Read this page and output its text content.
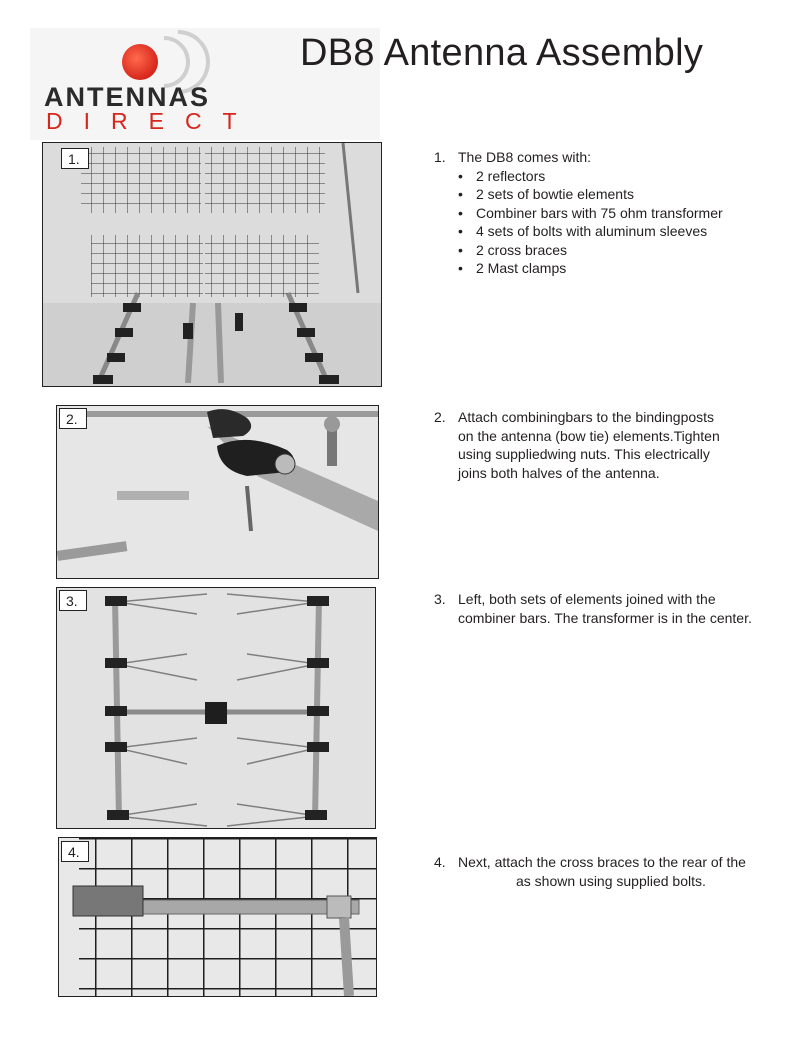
ANTENNAS
DIRECT
DB8 Antenna Assembly
1.	1. The DB8 comes with:
• 2 reflectors
• 2 sets of bowtie elements
• Combiner bars with 75 ohm transformer
• 4 sets of bolts with aluminum sleeves
• 2 cross braces
• 2 Mast clamps
2.	2. Attach combiningbars to the bindingposts
on the antenna (bow tie) elements.Tighten
using suppliedwing nuts. This electrically
joins both halves of the antenna.
3.	3. Left, both sets of elements joined with the
combiner bars. The transformer is in the center.
4.
4. Next, attach the cross braces to the rear of the
as shown using supplied bolts.
